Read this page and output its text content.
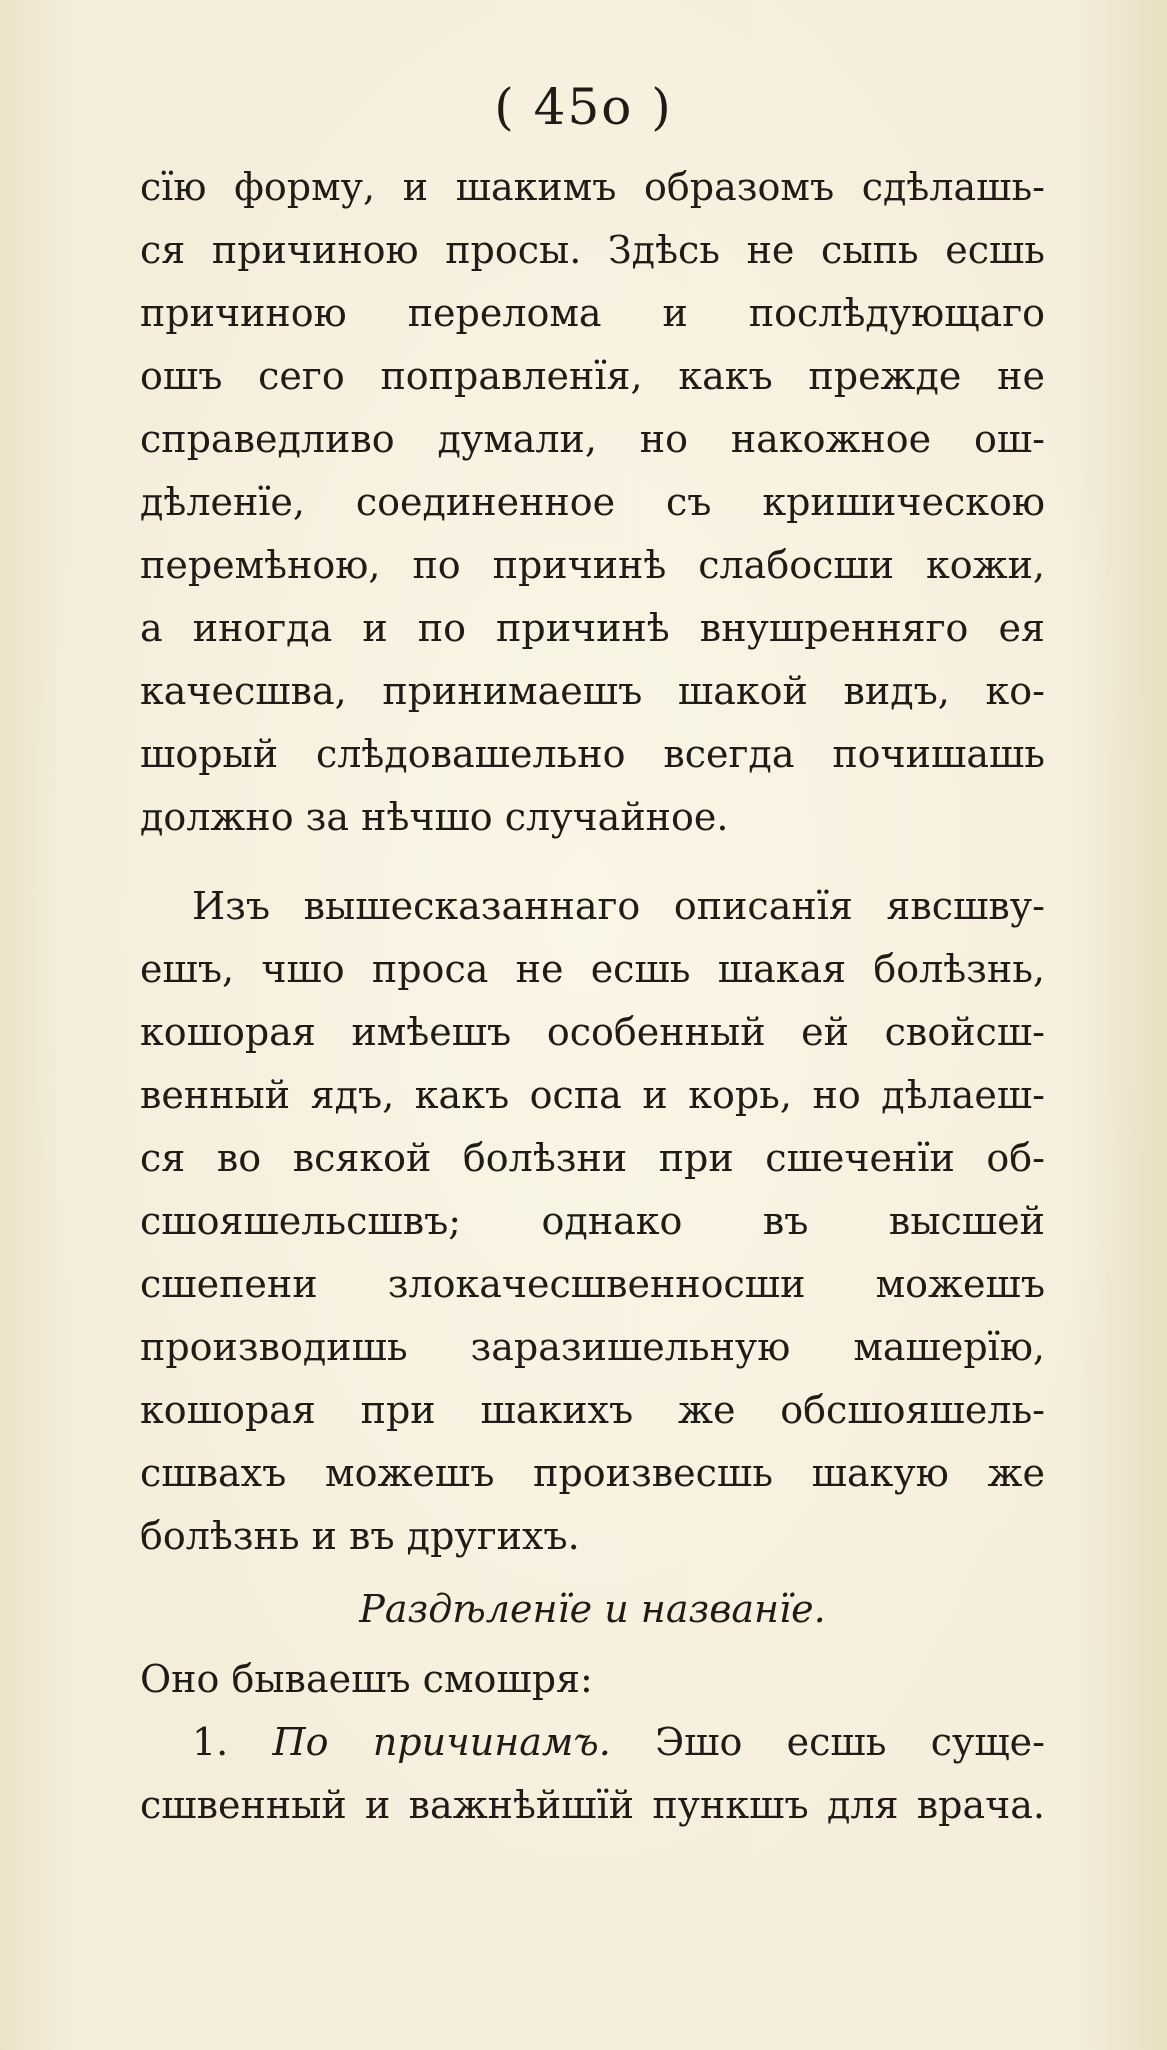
( 45о )
сїю форму, и шакимъ образомъ сдѣлашь-
ся причиною просы. Здѣсь не сыпь есшь
причиною перелома и послѣдующаго
ошъ сего поправленїя, какъ прежде не
справедливо думали, но накожное ош-
дѣленїе, соединенное съ кришическою
перемѣною, по причинѣ слабосши кожи,
а иногда и по причинѣ внушренняго ея
качесшва, принимаешъ шакой видъ, ко-
шорый слѣдовашельно всегда почишашь
должно за нѣчшо случайное.
Изъ вышесказаннаго описанїя явсшву-
ешъ, чшо проса не есшь шакая болѣзнь,
кошорая имѣешъ особенный ей свойсш-
венный ядъ, какъ оспа и корь, но дѣлаеш-
ся во всякой болѣзни при сшеченїи об-
сшояшельсшвъ; однако въ высшей
сшепени злокачесшвенносши можешъ
производишь заразишельную машерїю,
кошорая при шакихъ же обсшояшель-
сшвахъ можешъ произвесшь шакую же
болѣзнь и въ другихъ.
Раздѣленїе и названїе.
Оно бываешъ смошря:
1. По причинамъ. Эшо есшь сущe-
сшвенный и важнѣйшїй пункшъ для врача.
